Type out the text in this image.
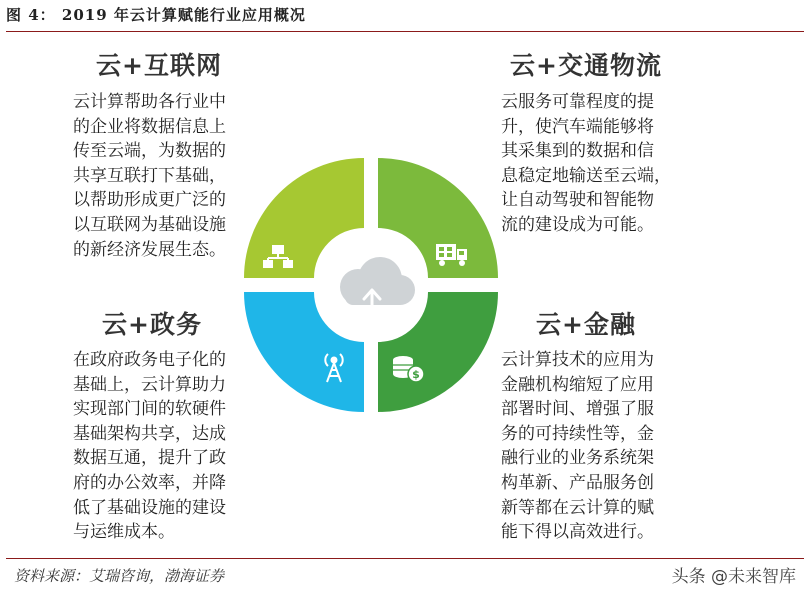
图 4： 2019 年云计算赋能行业应用概况
云+互联网	云+交通物流
云+政务	云+金融
云计算帮助各行业中
的企业将数据信息上
传至云端，为数据的
共享互联打下基础，
以帮助形成更广泛的
以互联网为基础设施
的新经济发展生态。
云服务可靠程度的提
升，使汽车端能够将
其采集到的数据和信
息稳定地输送至云端，
让自动驾驶和智能物
流的建设成为可能。
在政府政务电子化的
基础上，云计算助力
实现部门间的软硬件
基础架构共享，达成
数据互通，提升了政
府的办公效率，并降
低了基础设施的建设
与运维成本。
云计算技术的应用为
金融机构缩短了应用
部署时间、增强了服
务的可持续性等，金
融行业的业务系统架
构革新、产品服务创
新等都在云计算的赋
能下得以高效进行。
$
资料来源：艾瑞咨询，渤海证券	头条 @未来智库
